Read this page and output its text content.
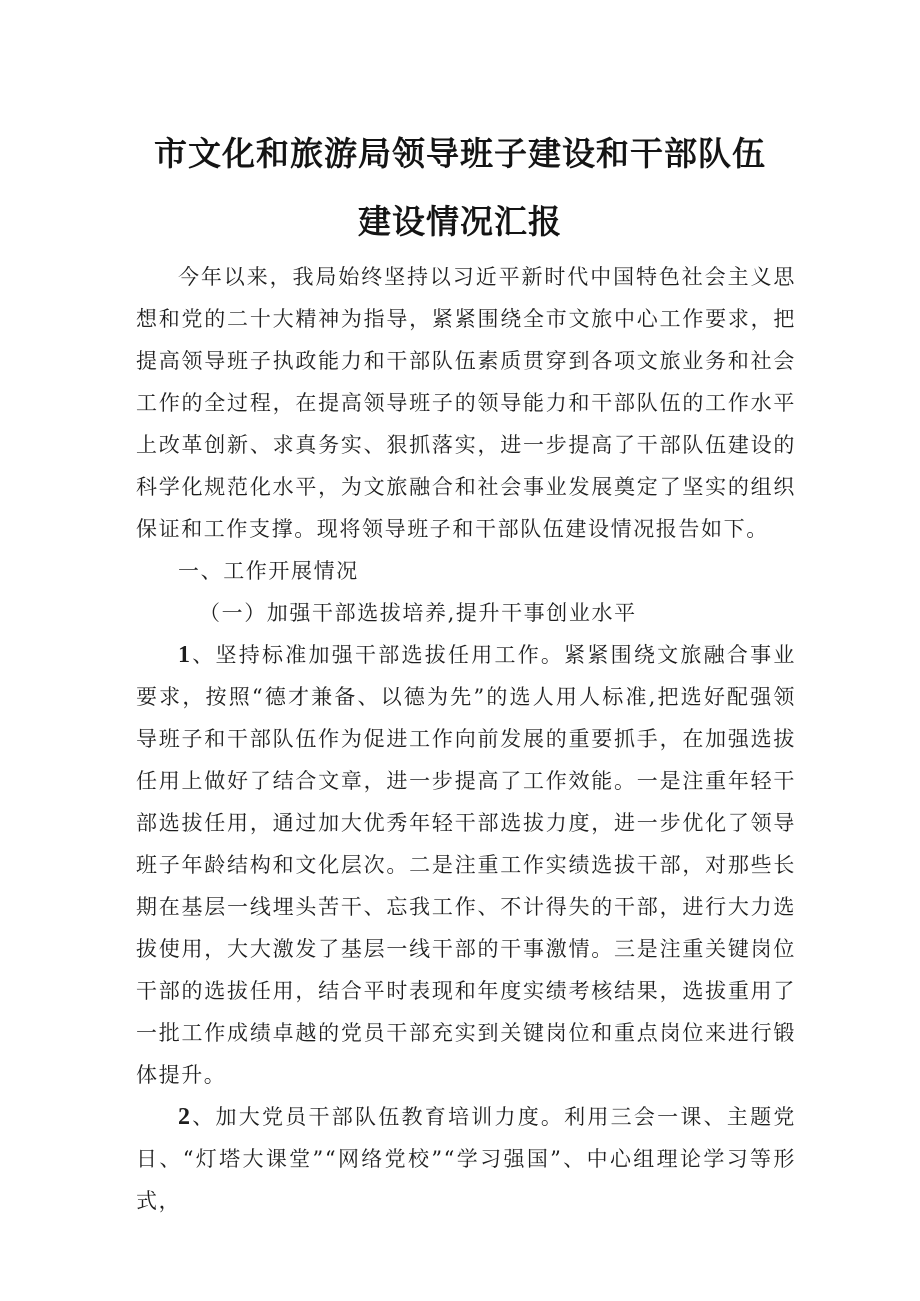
市文化和旅游局领导班子建设和干部队伍
建设情况汇报

今年以来，我局始终坚持以习近平新时代中国特色社会主义思想和党的二十大精神为指导，紧紧围绕全市文旅中心工作要求，把提高领导班子执政能力和干部队伍素质贯穿到各项文旅业务和社会工作的全过程，在提高领导班子的领导能力和干部队伍的工作水平上改革创新、求真务实、狠抓落实，进一步提高了干部队伍建设的科学化规范化水平，为文旅融合和社会事业发展奠定了坚实的组织保证和工作支撑。现将领导班子和干部队伍建设情况报告如下。

一、工作开展情况

（一）加强干部选拔培养,提升干事创业水平

1、坚持标准加强干部选拔任用工作。紧紧围绕文旅融合事业要求，按照“德才兼备、以德为先”的选人用人标准,把选好配强领导班子和干部队伍作为促进工作向前发展的重要抓手，在加强选拔任用上做好了结合文章，进一步提高了工作效能。一是注重年轻干部选拔任用，通过加大优秀年轻干部选拔力度，进一步优化了领导班子年龄结构和文化层次。二是注重工作实绩选拔干部，对那些长期在基层一线埋头苦干、忘我工作、不计得失的干部，进行大力选拔使用，大大激发了基层一线干部的干事激情。三是注重关键岗位干部的选拔任用，结合平时表现和年度实绩考核结果，选拔重用了一批工作成绩卓越的党员干部充实到关键岗位和重点岗位来进行锻体提升。

2、加大党员干部队伍教育培训力度。利用三会一课、主题党日、“灯塔大课堂”“网络党校”“学习强国”、中心组理论学习等形式，
